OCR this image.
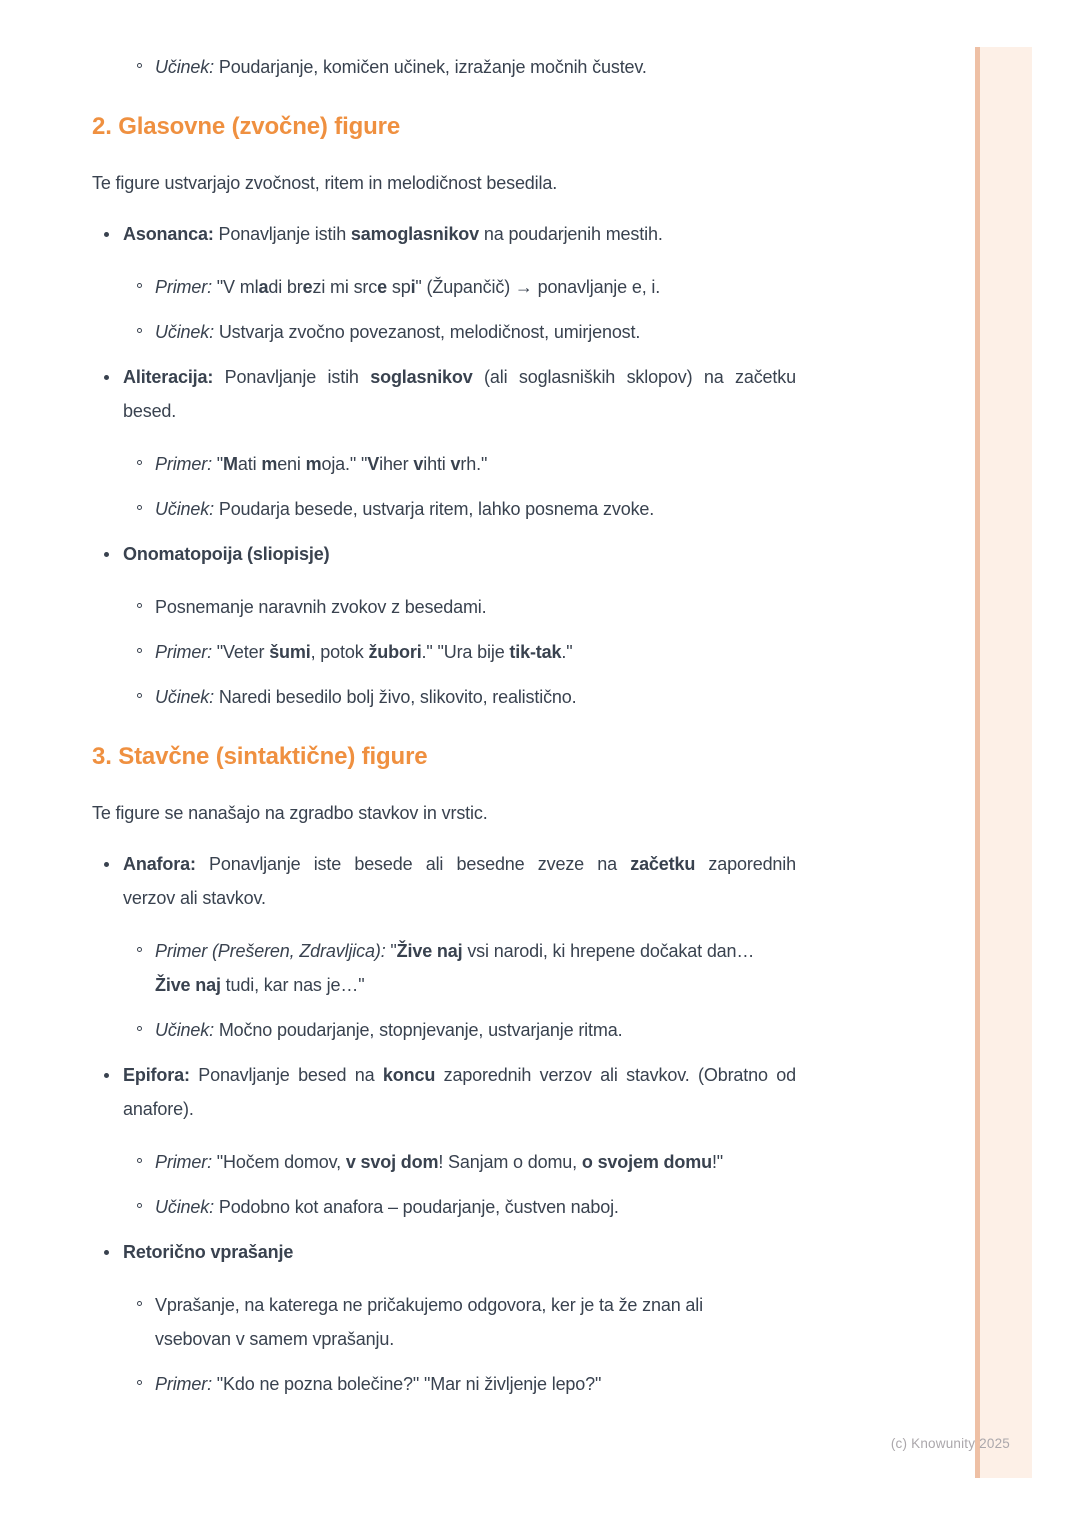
(c) Knowunity 2025
Učinek: Poudarjanje, komičen učinek, izražanje močnih čustev.
2. Glasovne (zvočne) figure

Te figure ustvarjajo zvočnost, ritem in melodičnost besedila.

Asonanca: Ponavljanje istih samoglasnikov na poudarjenih mestih.
Primer: "V mladi brezi mi srce spi" (Župančič) → ponavljanje e, i.
Učinek: Ustvarja zvočno povezanost, melodičnost, umirjenost.
Aliteracija: Ponavljanje istih soglasnikov (ali soglasniških sklopov) na začetku
besed.
Primer: "Mati meni moja." "Viher vihti vrh."
Učinek: Poudarja besede, ustvarja ritem, lahko posnema zvoke.
Onomatopoija (sliopisje)
Posnemanje naravnih zvokov z besedami.
Primer: "Veter šumi, potok žubori." "Ura bije tik-tak."
Učinek: Naredi besedilo bolj živo, slikovito, realistično.
3. Stavčne (sintaktične) figure

Te figure se nanašajo na zgradbo stavkov in vrstic.

Anafora: Ponavljanje iste besede ali besedne zveze na začetku zaporednih
verzov ali stavkov.
Primer (Prešeren, Zdravljica): "Žive naj vsi narodi, ki hrepene dočakat dan…
Žive naj tudi, kar nas je…"
Učinek: Močno poudarjanje, stopnjevanje, ustvarjanje ritma.
Epifora: Ponavljanje besed na koncu zaporednih verzov ali stavkov. (Obratno od
anafore).
Primer: "Hočem domov, v svoj dom! Sanjam o domu, o svojem domu!"
Učinek: Podobno kot anafora – poudarjanje, čustven naboj.
Retorično vprašanje
Vprašanje, na katerega ne pričakujemo odgovora, ker je ta že znan ali
vsebovan v samem vprašanju.
Primer: "Kdo ne pozna bolečine?" "Mar ni življenje lepo?"
